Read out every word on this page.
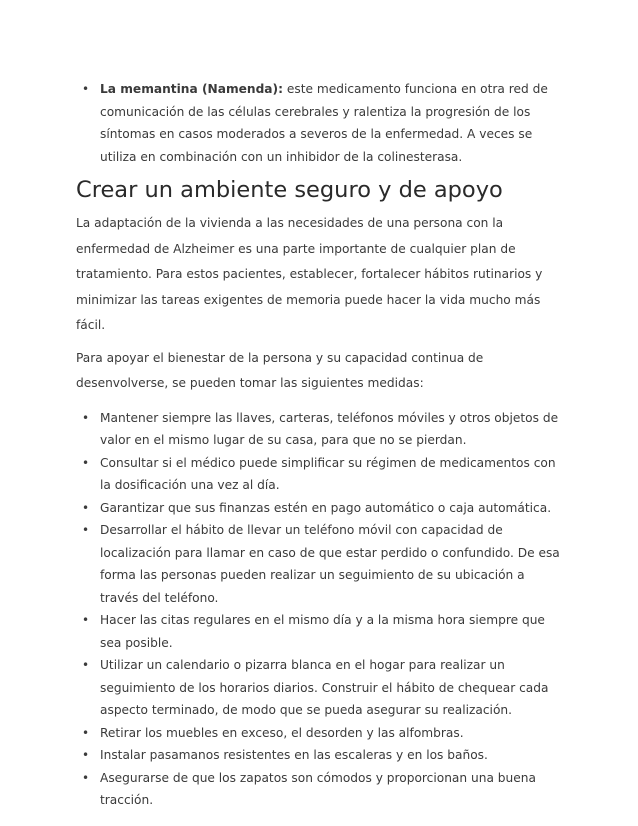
• La memantina (Namenda): este medicamento funciona en otra red de comunicación de las células cerebrales y ralentiza la progresión de los síntomas en casos moderados a severos de la enfermedad. A veces se utiliza en combinación con un inhibidor de la colinesterasa.
Crear un ambiente seguro y de apoyo

La adaptación de la vivienda a las necesidades de una persona con la enfermedad de Alzheimer es una parte importante de cualquier plan de tratamiento. Para estos pacientes, establecer, fortalecer hábitos rutinarios y minimizar las tareas exigentes de memoria puede hacer la vida mucho más fácil.

Para apoyar el bienestar de la persona y su capacidad continua de desenvolverse, se pueden tomar las siguientes medidas:

• Mantener siempre las llaves, carteras, teléfonos móviles y otros objetos de valor en el mismo lugar de su casa, para que no se pierdan.
• Consultar si el médico puede simplificar su régimen de medicamentos con la dosificación una vez al día.
• Garantizar que sus finanzas estén en pago automático o caja automática.
• Desarrollar el hábito de llevar un teléfono móvil con capacidad de localización para llamar en caso de que estar perdido o confundido. De esa forma las personas pueden realizar un seguimiento de su ubicación a través del teléfono.
• Hacer las citas regulares en el mismo día y a la misma hora siempre que sea posible.
• Utilizar un calendario o pizarra blanca en el hogar para realizar un seguimiento de los horarios diarios. Construir el hábito de chequear cada aspecto terminado, de modo que se pueda asegurar su realización.
• Retirar los muebles en exceso, el desorden y las alfombras.
• Instalar pasamanos resistentes en las escaleras y en los baños.
• Asegurarse de que los zapatos son cómodos y proporcionan una buena tracción.
